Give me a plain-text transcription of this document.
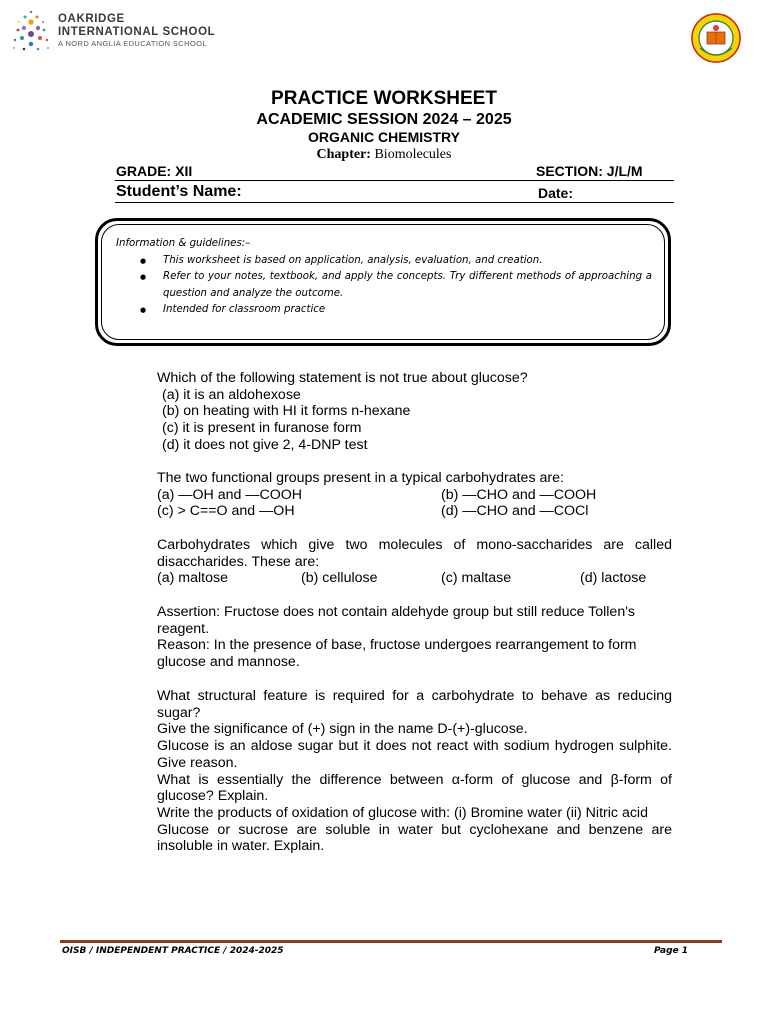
OAKRIDGE
INTERNATIONAL SCHOOL
A NORD ANGLIA EDUCATION SCHOOL
PRACTICE WORKSHEET
ACADEMIC SESSION 2024 – 2025
ORGANIC CHEMISTRY
Chapter: Biomolecules
GRADE: XII	SECTION: J/L/M
Student’s Name:	Date:
Information & guidelines:–
● This worksheet is based on application, analysis, evaluation, and creation.
● Refer to your notes, textbook, and apply the concepts. Try different methods of approaching a question and analyze the outcome.
● Intended for classroom practice
Which of the following statement is not true about glucose?
(a) it is an aldohexose
(b) on heating with HI it forms n-hexane
(c) it is present in furanose form
(d) it does not give 2, 4-DNP test
The two functional groups present in a typical carbohydrates are:
(a) —OH and —COOH	(b) —CHO and —COOH
(c) > C==O and —OH	(d) —CHO and —COCl
Carbohydrates which give two molecules of mono-saccharides are called disaccharides. These are:
(a) maltose	(b) cellulose	(c) maltase	(d) lactose
Assertion: Fructose does not contain aldehyde group but still reduce Tollen's reagent.
Reason: In the presence of base, fructose undergoes rearrangement to form glucose and mannose.
What structural feature is required for a carbohydrate to behave as reducing sugar?
Give the significance of (+) sign in the name D-(+)-glucose.
Glucose is an aldose sugar but it does not react with sodium hydrogen sulphite. Give reason.
What is essentially the difference between α-form of glucose and β-form of glucose? Explain.
Write the products of oxidation of glucose with: (i) Bromine water (ii) Nitric acid
Glucose or sucrose are soluble in water but cyclohexane and benzene are insoluble in water. Explain.
OISB / INDEPENDENT PRACTICE / 2024-2025	Page 1
